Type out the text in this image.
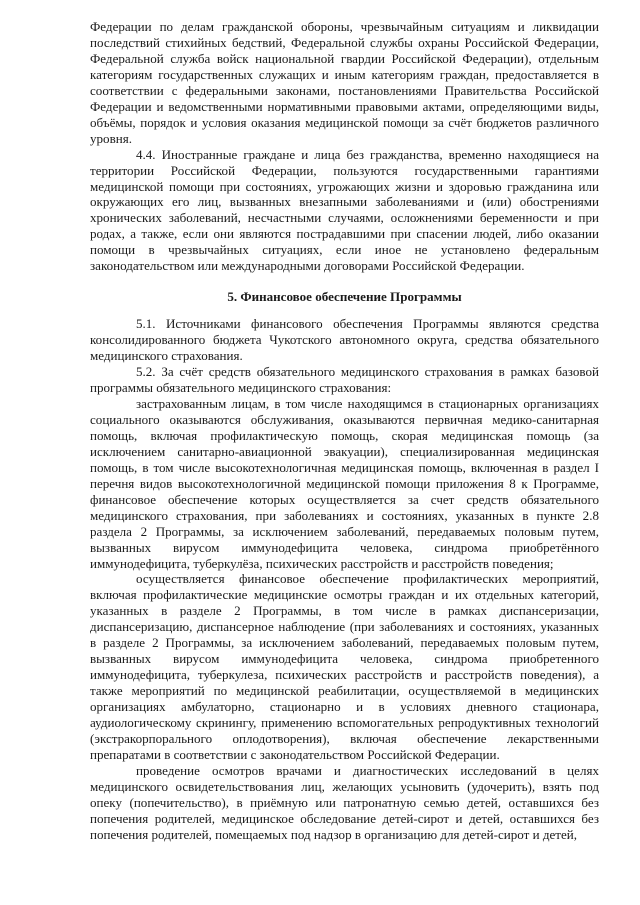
Федерации по делам гражданской обороны, чрезвычайным ситуациям и ликвидации последствий стихийных бедствий, Федеральной службы охраны Российской Федерации, Федеральной служба войск национальной гвардии Российской Федерации), отдельным категориям государственных служащих и иным категориям граждан, предоставляется в соответствии с федеральными законами, постановлениями Правительства Российской Федерации и ведомственными нормативными правовыми актами, определяющими виды, объёмы, порядок и условия оказания медицинской помощи за счёт бюджетов различного уровня.

4.4. Иностранные граждане и лица без гражданства, временно находящиеся на территории Российской Федерации, пользуются государственными гарантиями медицинской помощи при состояниях, угрожающих жизни и здоровью гражданина или окружающих его лиц, вызванных внезапными заболеваниями и (или) обострениями хронических заболеваний, несчастными случаями, осложнениями беременности и при родах, а также, если они являются пострадавшими при спасении людей, либо оказании помощи в чрезвычайных ситуациях, если иное не установлено федеральным законодательством или международными договорами Российской Федерации.

5. Финансовое обеспечение Программы

5.1. Источниками финансового обеспечения Программы являются средства консолидированного бюджета Чукотского автономного округа, средства обязательного медицинского страхования.

5.2. За счёт средств обязательного медицинского страхования в рамках базовой программы обязательного медицинского страхования:

застрахованным лицам, в том числе находящимся в стационарных организациях социального оказываются обслуживания, оказываются первичная медико-санитарная помощь, включая профилактическую помощь, скорая медицинская помощь (за исключением санитарно-авиационной эвакуации), специализированная медицинская помощь, в том числе высокотехнологичная медицинская помощь, включенная в раздел I перечня видов высокотехнологичной медицинской помощи приложения 8 к Программе, финансовое обеспечение которых осуществляется за счет средств обязательного медицинского страхования, при заболеваниях и состояниях, указанных в пункте 2.8 раздела 2 Программы, за исключением заболеваний, передаваемых половым путем, вызванных вирусом иммунодефицита человека, синдрома приобретённого иммунодефицита, туберкулёза, психических расстройств и расстройств поведения;

осуществляется финансовое обеспечение профилактических мероприятий, включая профилактические медицинские осмотры граждан и их отдельных категорий, указанных в разделе 2 Программы, в том числе в рамках диспансеризации, диспансеризацию, диспансерное наблюдение (при заболеваниях и состояниях, указанных в разделе 2 Программы, за исключением заболеваний, передаваемых половым путем, вызванных вирусом иммунодефицита человека, синдрома приобретенного иммунодефицита, туберкулеза, психических расстройств и расстройств поведения), а также мероприятий по медицинской реабилитации, осуществляемой в медицинских организациях амбулаторно, стационарно и в условиях дневного стационара, аудиологическому скринингу, применению вспомогательных репродуктивных технологий (экстракорпорального оплодотворения), включая обеспечение лекарственными препаратами в соответствии с законодательством Российской Федерации.

проведение осмотров врачами и диагностических исследований в целях медицинского освидетельствования лиц, желающих усыновить (удочерить), взять под опеку (попечительство), в приёмную или патронатную семью детей, оставшихся без попечения родителей, медицинское обследование детей-сирот и детей, оставшихся без попечения родителей, помещаемых под надзор в организацию для детей-сирот и детей,
